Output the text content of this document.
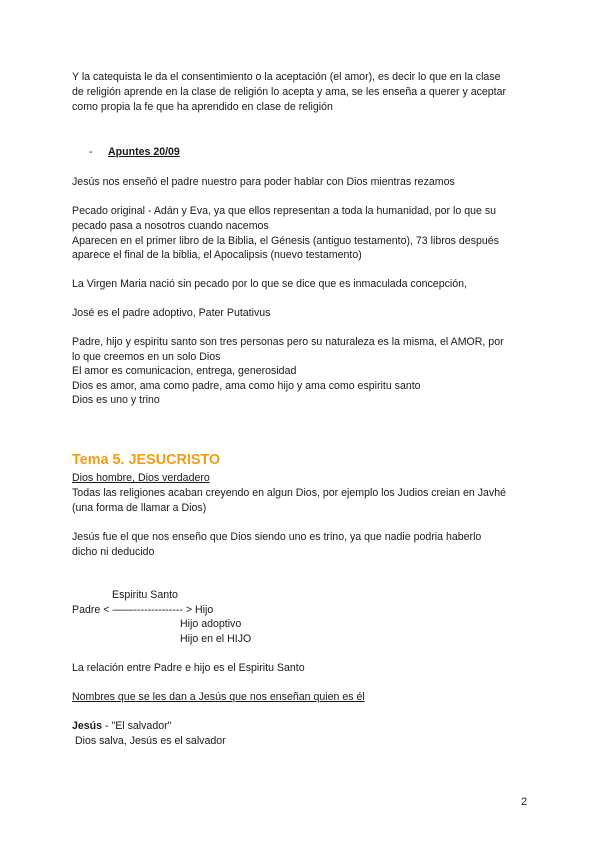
Y la catequista le da el consentimiento o la aceptación (el amor), es decir lo que en la clase
de religión aprende en la clase de religión lo acepta y ama, se les enseña a querer y aceptar
como propia la fe que ha aprendido en clase de religión
- Apuntes 20/09
Jesús nos enseñó el padre nuestro para poder hablar con Dios mientras rezamos
Pecado original - Adán y Eva, ya que ellos representan a toda la humanidad, por lo que su
pecado pasa a nosotros cuando nacemos
Aparecen en el primer libro de la Biblia, el Génesis (antiguo testamento), 73 libros después
aparece el final de la biblia, el Apocalipsis (nuevo testamento)
La Virgen Maria nació sin pecado por lo que se dice que es inmaculada concepción,
José es el padre adoptivo, Pater Putativus
Padre, hijo y espiritu santo son tres personas pero su naturaleza es la misma, el AMOR, por
lo que creemos en un solo Dios
El amor es comunicacion, entrega, generosidad
Dios es amor, ama como padre, ama como hijo y ama como espiritu santo
Dios es uno y trino
Tema 5. JESUCRISTO
Dios hombre, Dios verdadero
Todas las religiones acaban creyendo en algun Dios, por ejemplo los Judios creian en Javhé
(una forma de llamar a Dios)
Jesús fue el que nos enseño que Dios siendo uno es trino, ya que nadie podria haberlo
dicho ni deducido
Espiritu Santo
Padre < ——-------------- > Hijo
Hijo adoptivo
Hijo en el HIJO
La relación entre Padre e hijo es el Espiritu Santo
Nombres que se les dan a Jesús que nos enseñan quien es él
Jesús - "El salvador"
Dios salva, Jesús es el salvador
2
